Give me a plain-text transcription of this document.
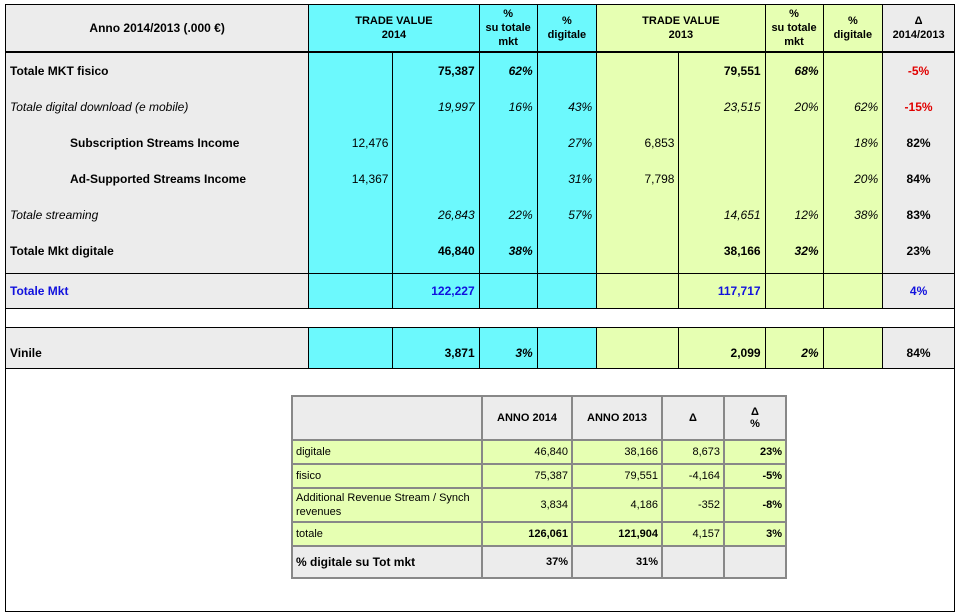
Anno 2014/2013 (.000 €)	TRADE VALUE
2014		%
su totale
mkt	%
digitale	TRADE VALUE
2013		%
su totale
mkt	%
digitale	Δ
2014/2013
Totale MKT fisico		75,387	62%			79,551	68%		-5%
Totale digital download (e mobile)		19,997	16%	43%		23,515	20%	62%	-15%
Subscription Streams Income	12,476			27%	6,853			18%	82%
Ad-Supported Streams Income	14,367			31%	7,798			20%	84%
Totale streaming		26,843	22%	57%		14,651	12%	38%	83%
Totale Mkt digitale		46,840	38%			38,166	32%		23%

Totale Mkt		122,227				117,717			4%

Vinile		3,871	3%			2,099	2%		84%
	ANNO 2014	ANNO 2013	Δ	Δ
%
digitale	46,840	38,166	8,673	23%
fisico	75,387	79,551	-4,164	-5%
Additional Revenue Stream / Synch revenues	3,834	4,186	-352	-8%
totale	126,061	121,904	4,157	3%
% digitale su Tot mkt	37%	31%		
